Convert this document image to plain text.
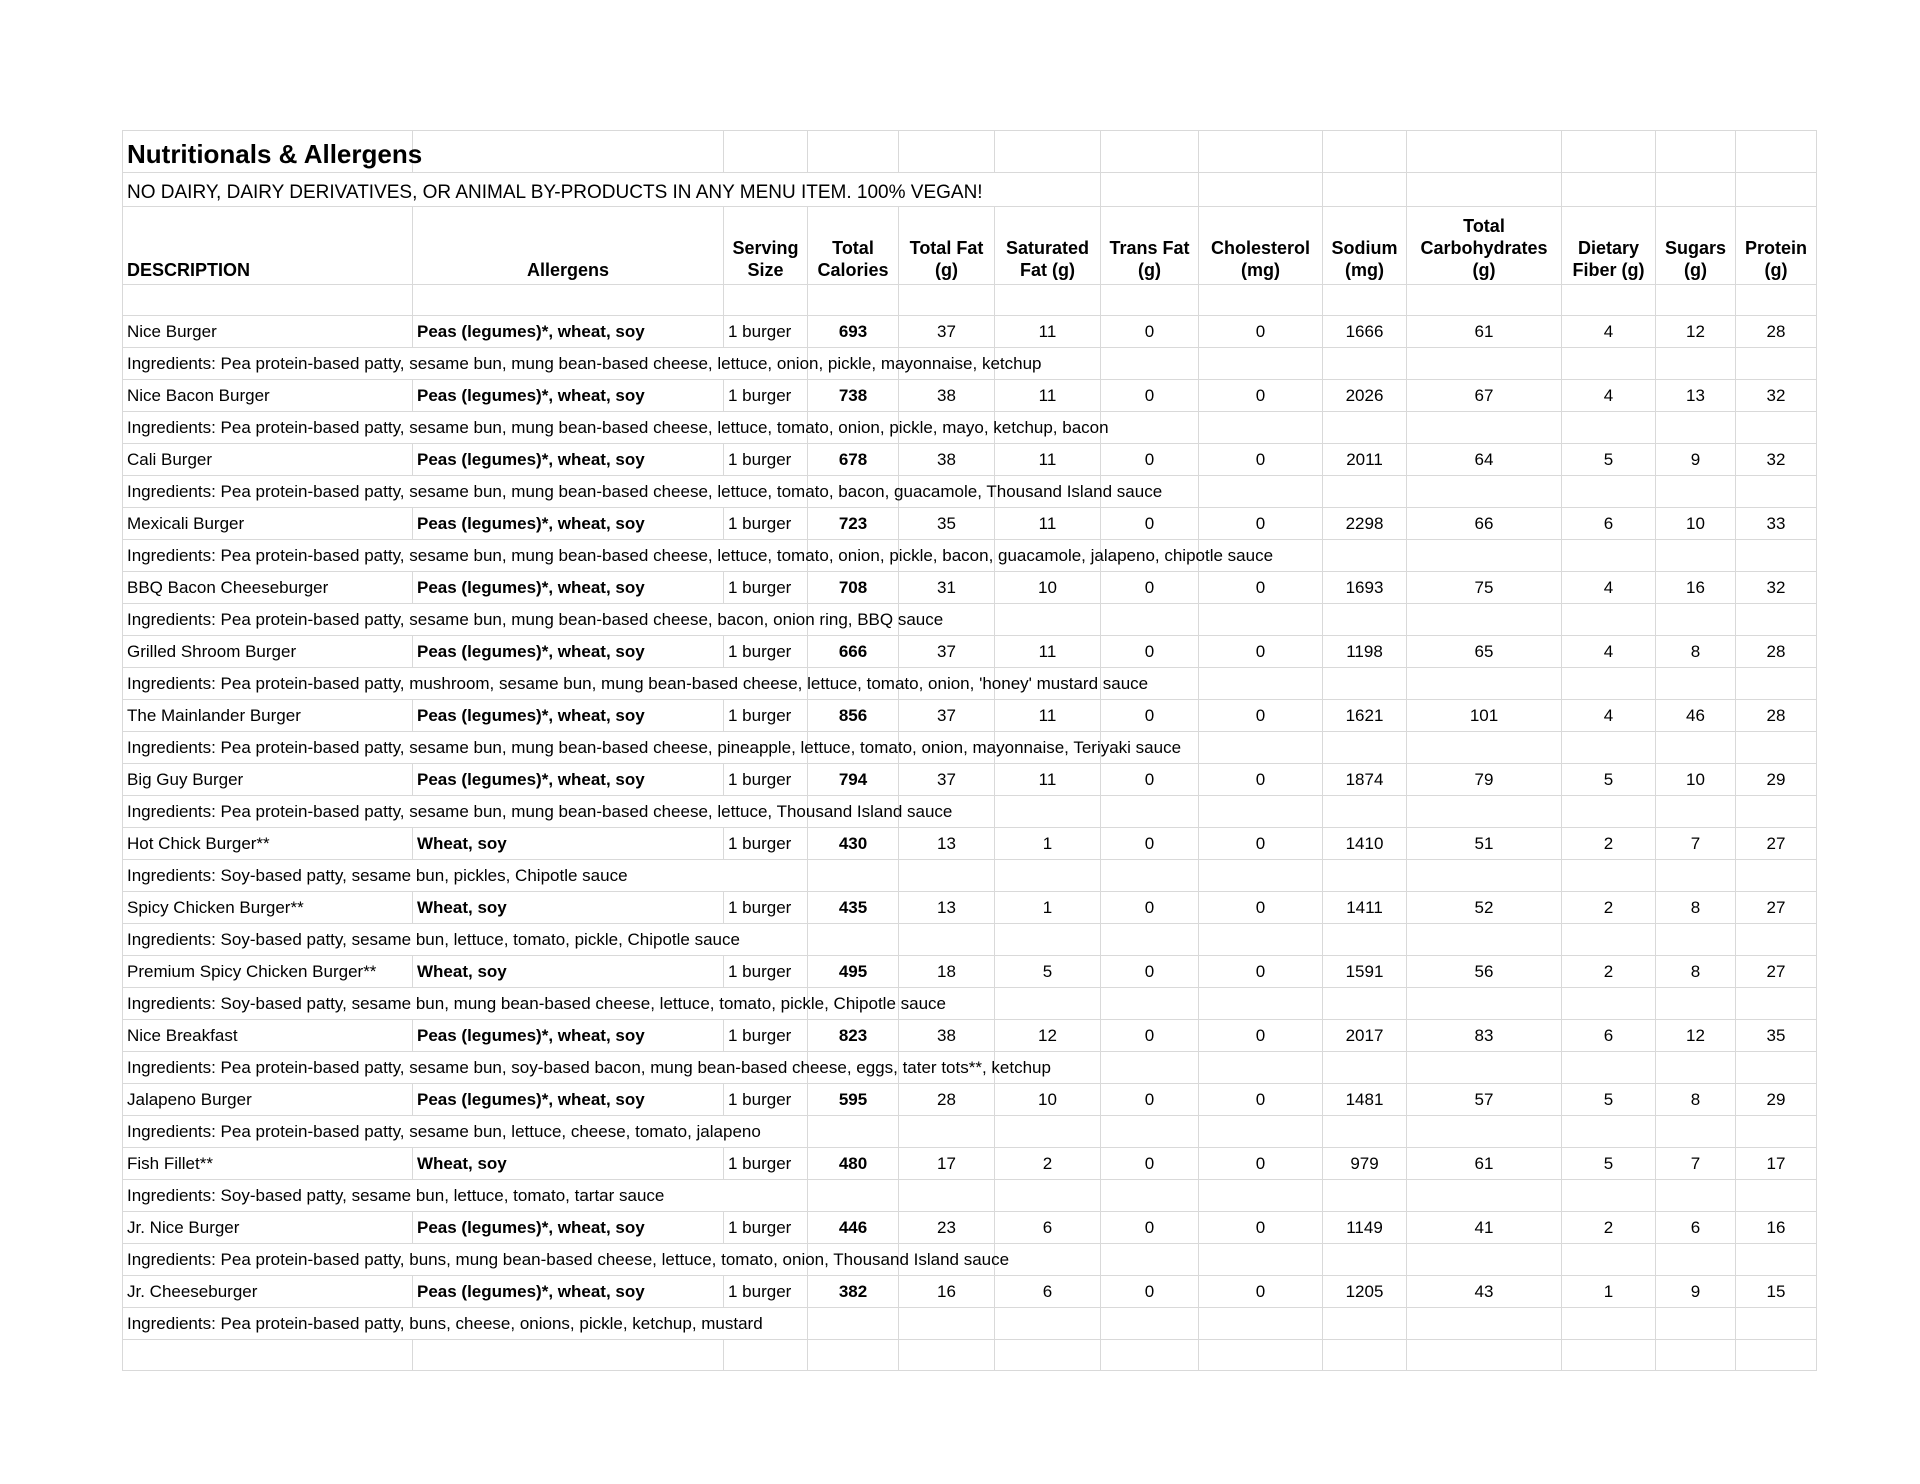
Nutritionals & Allergens												
NO DAIRY, DAIRY DERIVATIVES, OR ANIMAL BY-PRODUCTS IN ANY MENU ITEM. 100% VEGAN!												
DESCRIPTION	Allergens	Serving Size	Total Calories	Total Fat (g)	Saturated Fat (g)	Trans Fat (g)	Cholesterol (mg)	Sodium (mg)	Total Carbohydrates (g)	Dietary Fiber (g)	Sugars (g)	Protein (g)

Nice Burger	Peas (legumes)*, wheat, soy	1 burger	693	37	11	0	0	1666	61	4	12	28
Ingredients: Pea protein-based patty, sesame bun, mung bean-based cheese, lettuce, onion, pickle, mayonnaise, ketchup												
Nice Bacon Burger	Peas (legumes)*, wheat, soy	1 burger	738	38	11	0	0	2026	67	4	13	32
Ingredients: Pea protein-based patty, sesame bun, mung bean-based cheese, lettuce, tomato, onion, pickle, mayo, ketchup, bacon												
Cali Burger	Peas (legumes)*, wheat, soy	1 burger	678	38	11	0	0	2011	64	5	9	32
Ingredients: Pea protein-based patty, sesame bun, mung bean-based cheese, lettuce, tomato, bacon, guacamole, Thousand Island sauce												
Mexicali Burger	Peas (legumes)*, wheat, soy	1 burger	723	35	11	0	0	2298	66	6	10	33
Ingredients: Pea protein-based patty, sesame bun, mung bean-based cheese, lettuce, tomato, onion, pickle, bacon, guacamole, jalapeno, chipotle sauce												
BBQ Bacon Cheeseburger	Peas (legumes)*, wheat, soy	1 burger	708	31	10	0	0	1693	75	4	16	32
Ingredients: Pea protein-based patty, sesame bun, mung bean-based cheese, bacon, onion ring, BBQ sauce												
Grilled Shroom Burger	Peas (legumes)*, wheat, soy	1 burger	666	37	11	0	0	1198	65	4	8	28
Ingredients: Pea protein-based patty, mushroom, sesame bun, mung bean-based cheese, lettuce, tomato, onion, 'honey' mustard sauce												
The Mainlander Burger	Peas (legumes)*, wheat, soy	1 burger	856	37	11	0	0	1621	101	4	46	28
Ingredients: Pea protein-based patty, sesame bun, mung bean-based cheese, pineapple, lettuce, tomato, onion, mayonnaise, Teriyaki sauce												
Big Guy Burger	Peas (legumes)*, wheat, soy	1 burger	794	37	11	0	0	1874	79	5	10	29
Ingredients: Pea protein-based patty, sesame bun, mung bean-based cheese, lettuce, Thousand Island sauce												
Hot Chick Burger**	Wheat, soy	1 burger	430	13	1	0	0	1410	51	2	7	27
Ingredients: Soy-based patty, sesame bun, pickles, Chipotle sauce												
Spicy Chicken Burger**	Wheat, soy	1 burger	435	13	1	0	0	1411	52	2	8	27
Ingredients: Soy-based patty, sesame bun, lettuce, tomato, pickle, Chipotle sauce												
Premium Spicy Chicken Burger**	Wheat, soy	1 burger	495	18	5	0	0	1591	56	2	8	27
Ingredients: Soy-based patty, sesame bun, mung bean-based cheese, lettuce, tomato, pickle, Chipotle sauce												
Nice Breakfast	Peas (legumes)*, wheat, soy	1 burger	823	38	12	0	0	2017	83	6	12	35
Ingredients: Pea protein-based patty, sesame bun, soy-based bacon, mung bean-based cheese, eggs, tater tots**, ketchup												
Jalapeno Burger	Peas (legumes)*, wheat, soy	1 burger	595	28	10	0	0	1481	57	5	8	29
Ingredients: Pea protein-based patty, sesame bun, lettuce, cheese, tomato, jalapeno												
Fish Fillet**	Wheat, soy	1 burger	480	17	2	0	0	979	61	5	7	17
Ingredients: Soy-based patty, sesame bun, lettuce, tomato, tartar sauce												
Jr. Nice Burger	Peas (legumes)*, wheat, soy	1 burger	446	23	6	0	0	1149	41	2	6	16
Ingredients: Pea protein-based patty, buns, mung bean-based cheese, lettuce, tomato, onion, Thousand Island sauce												
Jr. Cheeseburger	Peas (legumes)*, wheat, soy	1 burger	382	16	6	0	0	1205	43	1	9	15
Ingredients: Pea protein-based patty, buns, cheese, onions, pickle, ketchup, mustard												
